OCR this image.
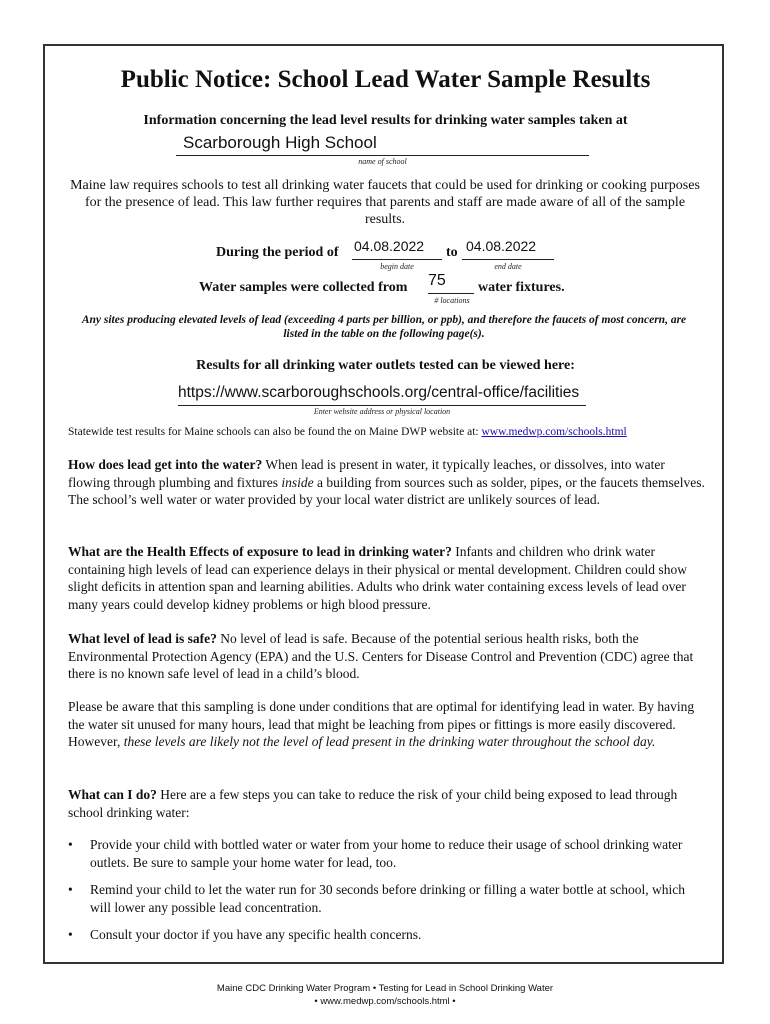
Public Notice: School Lead Water Sample Results
Information concerning the lead level results for drinking water samples taken at
Scarborough High School
name of school
Maine law requires schools to test all drinking water faucets that could be used for drinking or cooking purposes for the presence of lead. This law further requires that parents and staff are made aware of all of the sample results.
During the period of 04.08.2022
begin date
to 04.08.2022
end date
Water samples were collected from 75
# locations
water fixtures.
Any sites producing elevated levels of lead (exceeding 4 parts per billion, or ppb), and therefore the faucets of most concern, are listed in the table on the following page(s).
Results for all drinking water outlets tested can be viewed here:
https://www.scarboroughschools.org/central-office/facilities
Enter website address or physical location
Statewide test results for Maine schools can also be found the on Maine DWP website at: www.medwp.com/schools.html
How does lead get into the water? When lead is present in water, it typically leaches, or dissolves, into water flowing through plumbing and fixtures inside a building from sources such as solder, pipes, or the faucets themselves. The school’s well water or water provided by your local water district are unlikely sources of lead.
What are the Health Effects of exposure to lead in drinking water? Infants and children who drink water containing high levels of lead can experience delays in their physical or mental development. Children could show slight deficits in attention span and learning abilities. Adults who drink water containing excess levels of lead over many years could develop kidney problems or high blood pressure.
What level of lead is safe? No level of lead is safe. Because of the potential serious health risks, both the Environmental Protection Agency (EPA) and the U.S. Centers for Disease Control and Prevention (CDC) agree that there is no known safe level of lead in a child’s blood.
Please be aware that this sampling is done under conditions that are optimal for identifying lead in water. By having the water sit unused for many hours, lead that might be leaching from pipes or fittings is more easily discovered. However, these levels are likely not the level of lead present in the drinking water throughout the school day.
What can I do? Here are a few steps you can take to reduce the risk of your child being exposed to lead through school drinking water:
•	Provide your child with bottled water or water from your home to reduce their usage of school drinking water outlets. Be sure to sample your home water for lead, too.
•	Remind your child to let the water run for 30 seconds before drinking or filling a water bottle at school, which will lower any possible lead concentration.
•	Consult your doctor if you have any specific health concerns.
Maine CDC Drinking Water Program • Testing for Lead in School Drinking Water
• www.medwp.com/schools.html •
